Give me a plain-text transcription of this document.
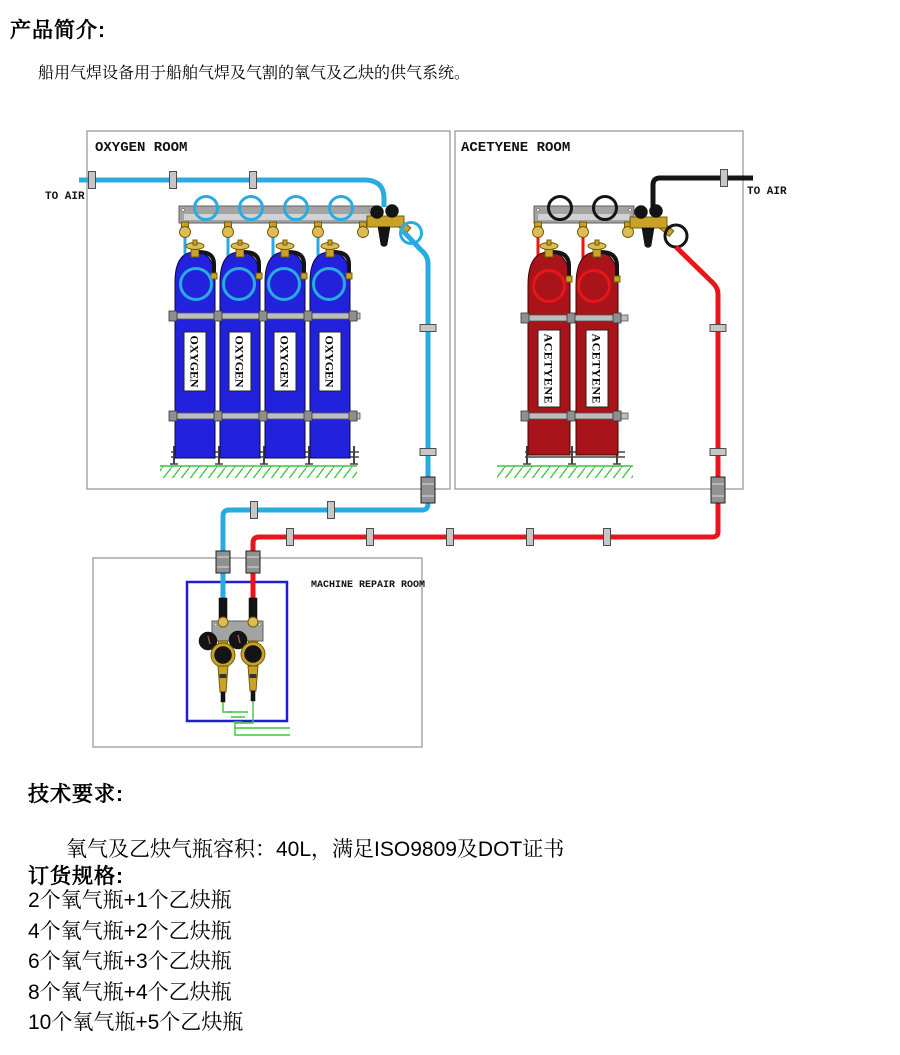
产品简介:
船用气焊设备用于船舶气焊及气割的氧气及乙炔的供气系统。
OXYGEN ROOM	ACETYENE ROOM
MACHINE REPAIR ROOM
TO AIR	TO AIR
OXYGEN
OXYGEN
OXYGEN
OXYGEN
ACETYENE
ACETYENE
技术要求:
氧气及乙炔气瓶容积：40L，满足ISO9809及DOT证书
订货规格:
2个氧气瓶+1个乙炔瓶
4个氧气瓶+2个乙炔瓶
6个氧气瓶+3个乙炔瓶
8个氧气瓶+4个乙炔瓶
10个氧气瓶+5个乙炔瓶
